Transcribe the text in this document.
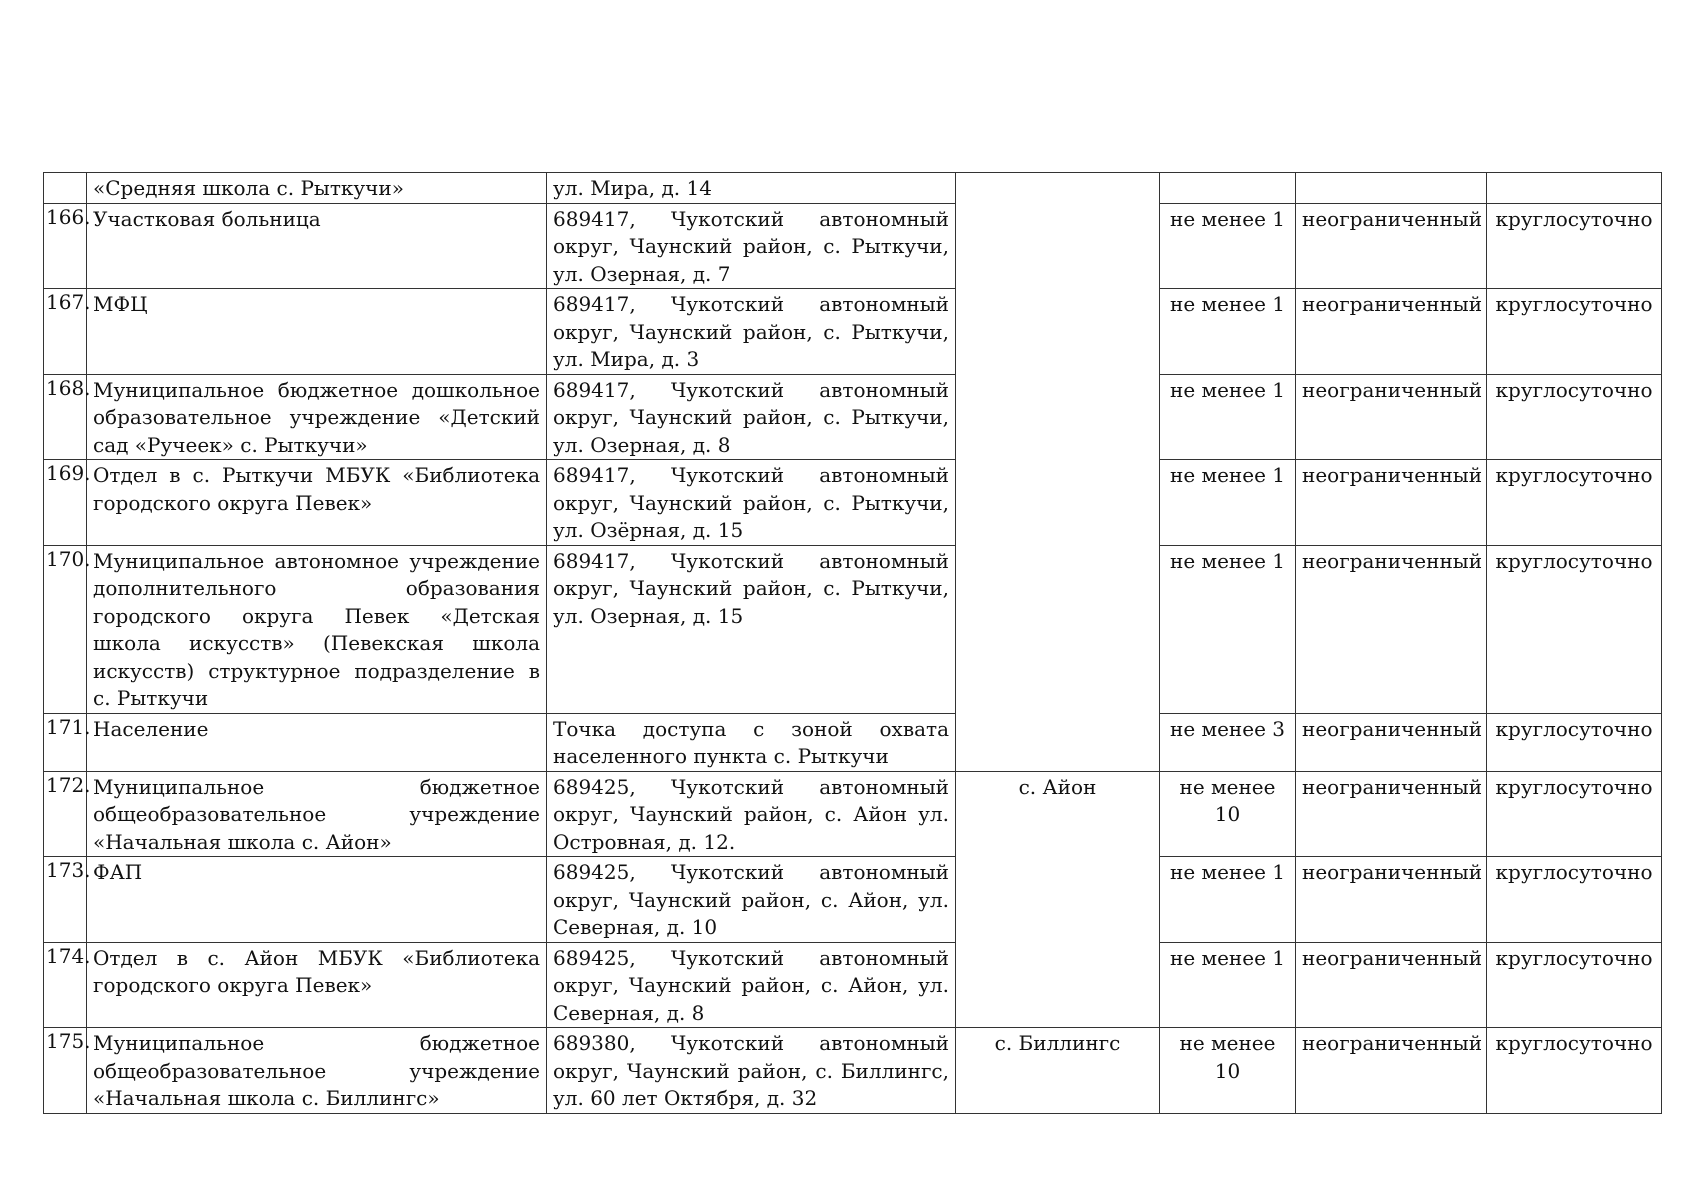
	«Средняя школа с. Рыткучи»	ул. Мира, д. 14				
166.	Участковая больница	689417, Чукотский автономный округ, Чаунский район, с. Рыткучи, ул. Озерная, д. 7		не менее 1	неограниченный	круглосуточно
167.	МФЦ	689417, Чукотский автономный округ, Чаунский район, с. Рыткучи, ул. Мира, д. 3		не менее 1	неограниченный	круглосуточно
168.	Муниципальное бюджетное дошкольное образовательное учреждение «Детский сад «Ручеек» с. Рыткучи»	689417, Чукотский автономный округ, Чаунский район, с. Рыткучи, ул. Озерная, д. 8		не менее 1	неограниченный	круглосуточно
169.	Отдел в с. Рыткучи МБУК «Библиотека городского округа Певек»	689417, Чукотский автономный округ, Чаунский район, с. Рыткучи, ул. Озёрная, д. 15		не менее 1	неограниченный	круглосуточно
170.	Муниципальное автономное учреждение дополнительного образования городского округа Певек «Детская школа искусств» (Певекская школа искусств) структурное подразделение в с. Рыткучи	689417, Чукотский автономный округ, Чаунский район, с. Рыткучи, ул. Озерная, д. 15		не менее 1	неограниченный	круглосуточно
171.	Население	Точка доступа с зоной охвата населенного пункта с. Рыткучи		не менее 3	неограниченный	круглосуточно
172.	Муниципальное бюджетное общеобразовательное учреждение «Начальная школа с. Айон»	689425, Чукотский автономный округ, Чаунский район, с. Айон ул. Островная, д. 12.	с. Айон	не менее 10	неограниченный	круглосуточно
173.	ФАП	689425, Чукотский автономный округ, Чаунский район, с. Айон, ул. Северная, д. 10		не менее 1	неограниченный	круглосуточно
174.	Отдел в с. Айон МБУК «Библиотека городского округа Певек»	689425, Чукотский автономный округ, Чаунский район, с. Айон, ул. Северная, д. 8		не менее 1	неограниченный	круглосуточно
175.	Муниципальное бюджетное общеобразовательное учреждение «Начальная школа с. Биллингс»	689380, Чукотский автономный округ, Чаунский район, с. Биллингс, ул. 60 лет Октября, д. 32	с. Биллингс	не менее 10	неограниченный	круглосуточно
